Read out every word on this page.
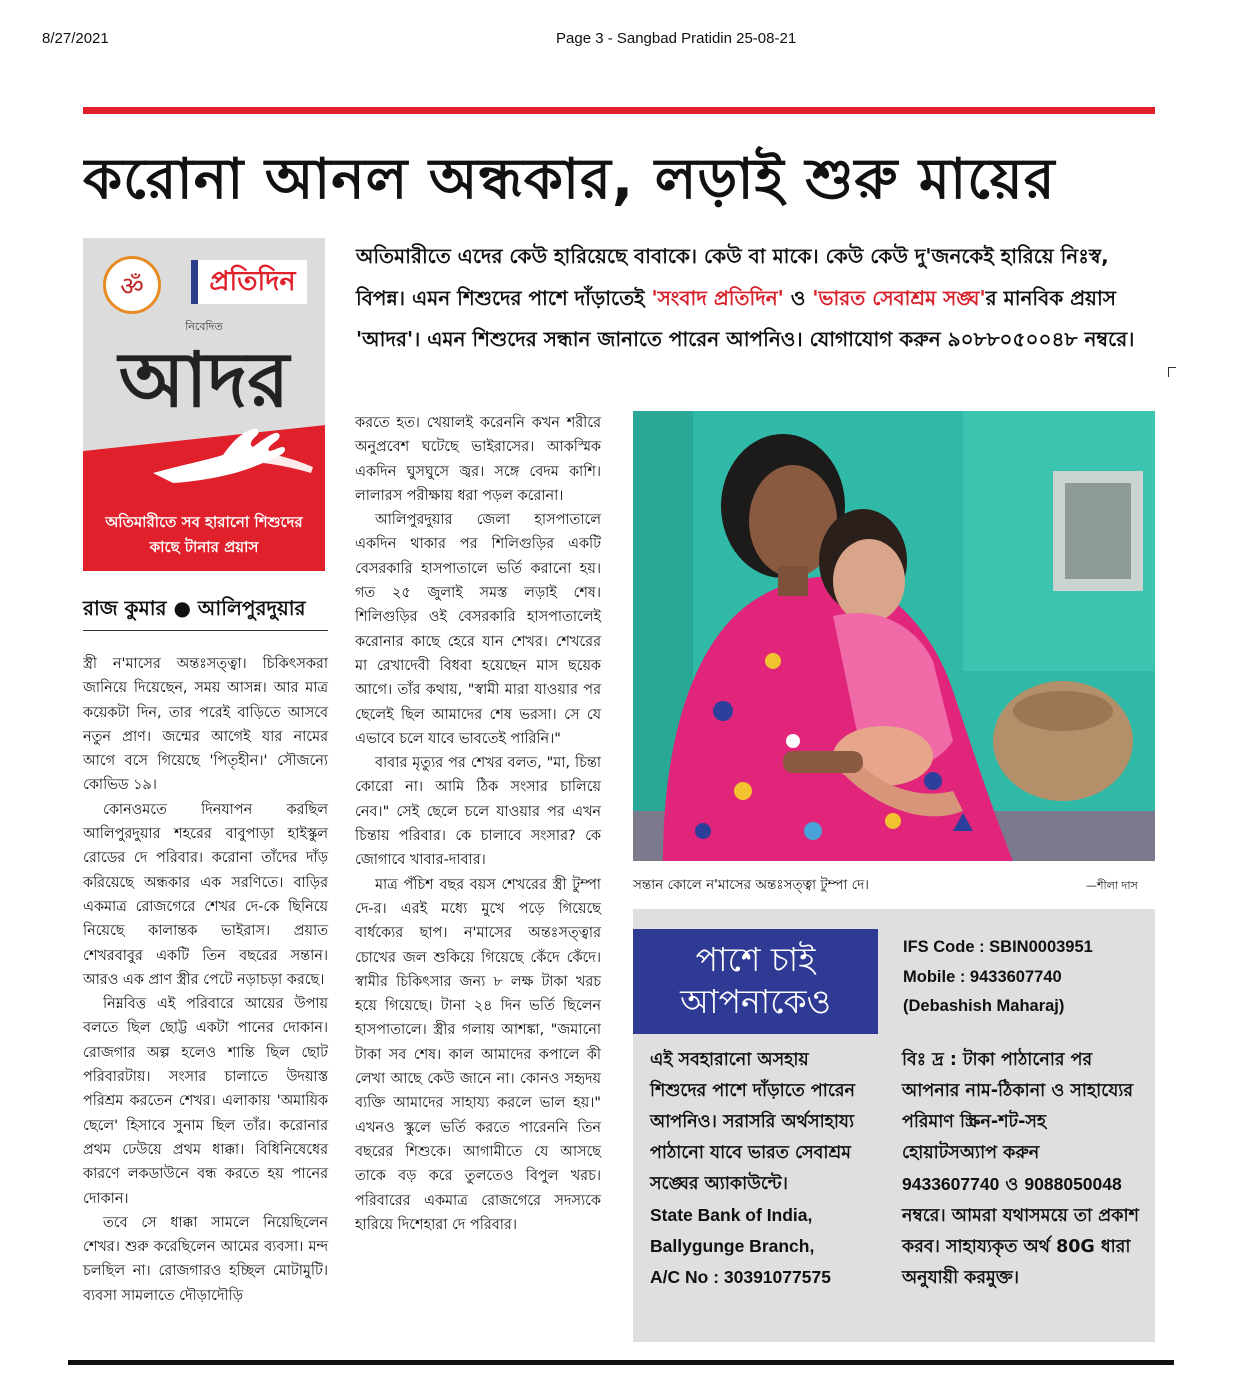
8/27/2021	Page 3 - Sangbad Pratidin 25-08-21
করোনা আনল অন্ধকার, লড়াই শুরু মায়ের
অতিমারীতে এদের কেউ হারিয়েছে বাবাকে। কেউ বা মাকে। কেউ কেউ দু'জনকেই হারিয়ে নিঃস্ব, বিপন্ন। এমন শিশুদের পাশে দাঁড়াতেই 'সংবাদ প্রতিদিন' ও 'ভারত সেবাশ্রম সঙ্ঘ'র মানবিক প্রয়াস 'আদর'। এমন শিশুদের সন্ধান জানাতে পারেন আপনিও। যোগাযোগ করুন ৯০৮৮০৫০০৪৮ নম্বরে।
ॐ	প্রতিদিন
নিবেদিত
আদর
অতিমারীতে সব হারানো শিশুদের
কাছে টানার প্রয়াস
রাজ কুমার ● আলিপুরদুয়ার

স্ত্রী ন'মাসের অন্তঃসত্ত্বা। চিকিৎসকরা জানিয়ে দিয়েছেন, সময় আসন্ন। আর মাত্র কয়েকটা দিন, তার পরেই বাড়িতে আসবে নতুন প্রাণ। জন্মের আগেই যার নামের আগে বসে গিয়েছে 'পিতৃহীন।' সৌজন্যে কোভিড ১৯।

কোনওমতে দিনযাপন করছিল আলিপুরদুয়ার শহরের বাবুপাড়া হাইস্কুল রোডের দে পরিবার। করোনা তাঁদের দাঁড় করিয়েছে অন্ধকার এক সরণিতে। বাড়ির একমাত্র রোজগেরে শেখর দে-কে ছিনিয়ে নিয়েছে কালান্তক ভাইরাস। প্রয়াত শেখরবাবুর একটি তিন বছরের সন্তান। আরও এক প্রাণ স্ত্রীর পেটে নড়াচড়া করছে।

নিম্নবিত্ত এই পরিবারে আয়ের উপায় বলতে ছিল ছোট্ট একটা পানের দোকান। রোজগার অল্প হলেও শান্তি ছিল ছোট পরিবারটায়। সংসার চালাতে উদয়াস্ত পরিশ্রম করতেন শেখর। এলাকায় 'অমায়িক ছেলে' হিসাবে সুনাম ছিল তাঁর। করোনার প্রথম ঢেউয়ে প্রথম ধাক্কা। বিধিনিষেধের কারণে লকডাউনে বন্ধ করতে হয় পানের দোকান।

তবে সে ধাক্কা সামলে নিয়েছিলেন শেখর। শুরু করেছিলেন আমের ব্যবসা। মন্দ চলছিল না। রোজগারও হচ্ছিল মোটামুটি। ব্যবসা সামলাতে দৌড়াদৌড়ি

করতে হত। খেয়ালই করেননি কখন শরীরে অনুপ্রবেশ ঘটেছে ভাইরাসের। আকস্মিক একদিন ঘুসঘুসে জ্বর। সঙ্গে বেদম কাশি। লালারস পরীক্ষায় ধরা পড়ল করোনা।

আলিপুরদুয়ার জেলা হাসপাতালে একদিন থাকার পর শিলিগুড়ির একটি বেসরকারি হাসপাতালে ভর্তি করানো হয়। গত ২৫ জুলাই সমস্ত লড়াই শেষ। শিলিগুড়ির ওই বেসরকারি হাসপাতালেই করোনার কাছে হেরে যান শেখর। শেখরের মা রেখাদেবী বিধবা হয়েছেন মাস ছয়েক আগে। তাঁর কথায়, "স্বামী মারা যাওয়ার পর ছেলেই ছিল আমাদের শেষ ভরসা। সে যে এভাবে চলে যাবে ভাবতেই পারিনি।"

বাবার মৃত্যুর পর শেখর বলত, "মা, চিন্তা কোরো না। আমি ঠিক সংসার চালিয়ে নেব।" সেই ছেলে চলে যাওয়ার পর এখন চিন্তায় পরিবার। কে চালাবে সংসার? কে জোগাবে খাবার-দাবার।

মাত্র পঁচিশ বছর বয়স শেখরের স্ত্রী টুম্পা দে-র। এরই মধ্যে মুখে পড়ে গিয়েছে বার্ধক্যের ছাপ। ন'মাসের অন্তঃসত্ত্বার চোখের জল শুকিয়ে গিয়েছে কেঁদে কেঁদে। স্বামীর চিকিৎসার জন্য ৮ লক্ষ টাকা খরচ হয়ে গিয়েছে। টানা ২৪ দিন ভর্তি ছিলেন হাসপাতালে। স্ত্রীর গলায় আশঙ্কা, "জমানো টাকা সব শেষ। কাল আমাদের কপালে কী লেখা আছে কেউ জানে না। কোনও সহৃদয় ব্যক্তি আমাদের সাহায্য করলে ভাল হয়।" এখনও স্কুলে ভর্তি করতে পারেননি তিন বছরের শিশুকে। আগামীতে যে আসছে তাকে বড় করে তুলতেও বিপুল খরচ। পরিবারের একমাত্র রোজগেরে সদস্যকে হারিয়ে দিশেহারা দে পরিবার।

সন্তান কোলে ন'মাসের অন্তঃসত্ত্বা টুম্পা দে।	—শীলা দাস
পাশে চাই
আপনাকেও
IFS Code : SBIN0003951
Mobile : 9433607740
(Debashish Maharaj)
এই সবহারানো অসহায় শিশুদের পাশে দাঁড়াতে পারেন আপনিও। সরাসরি অর্থসাহায্য পাঠানো যাবে ভারত সেবাশ্রম সঙ্ঘের অ্যাকাউন্টে।
State Bank of India,
Ballygunge Branch,
A/C No : 30391077575
বিঃ দ্র : টাকা পাঠানোর পর আপনার নাম-ঠিকানা ও সাহায্যের পরিমাণ স্ক্রিন-শট-সহ হোয়াটসঅ্যাপ করুন 9433607740 ও 9088050048 নম্বরে। আমরা যথাসময়ে তা প্রকাশ করব। সাহায্যকৃত অর্থ 80G ধারা অনুযায়ী করমুক্ত।
